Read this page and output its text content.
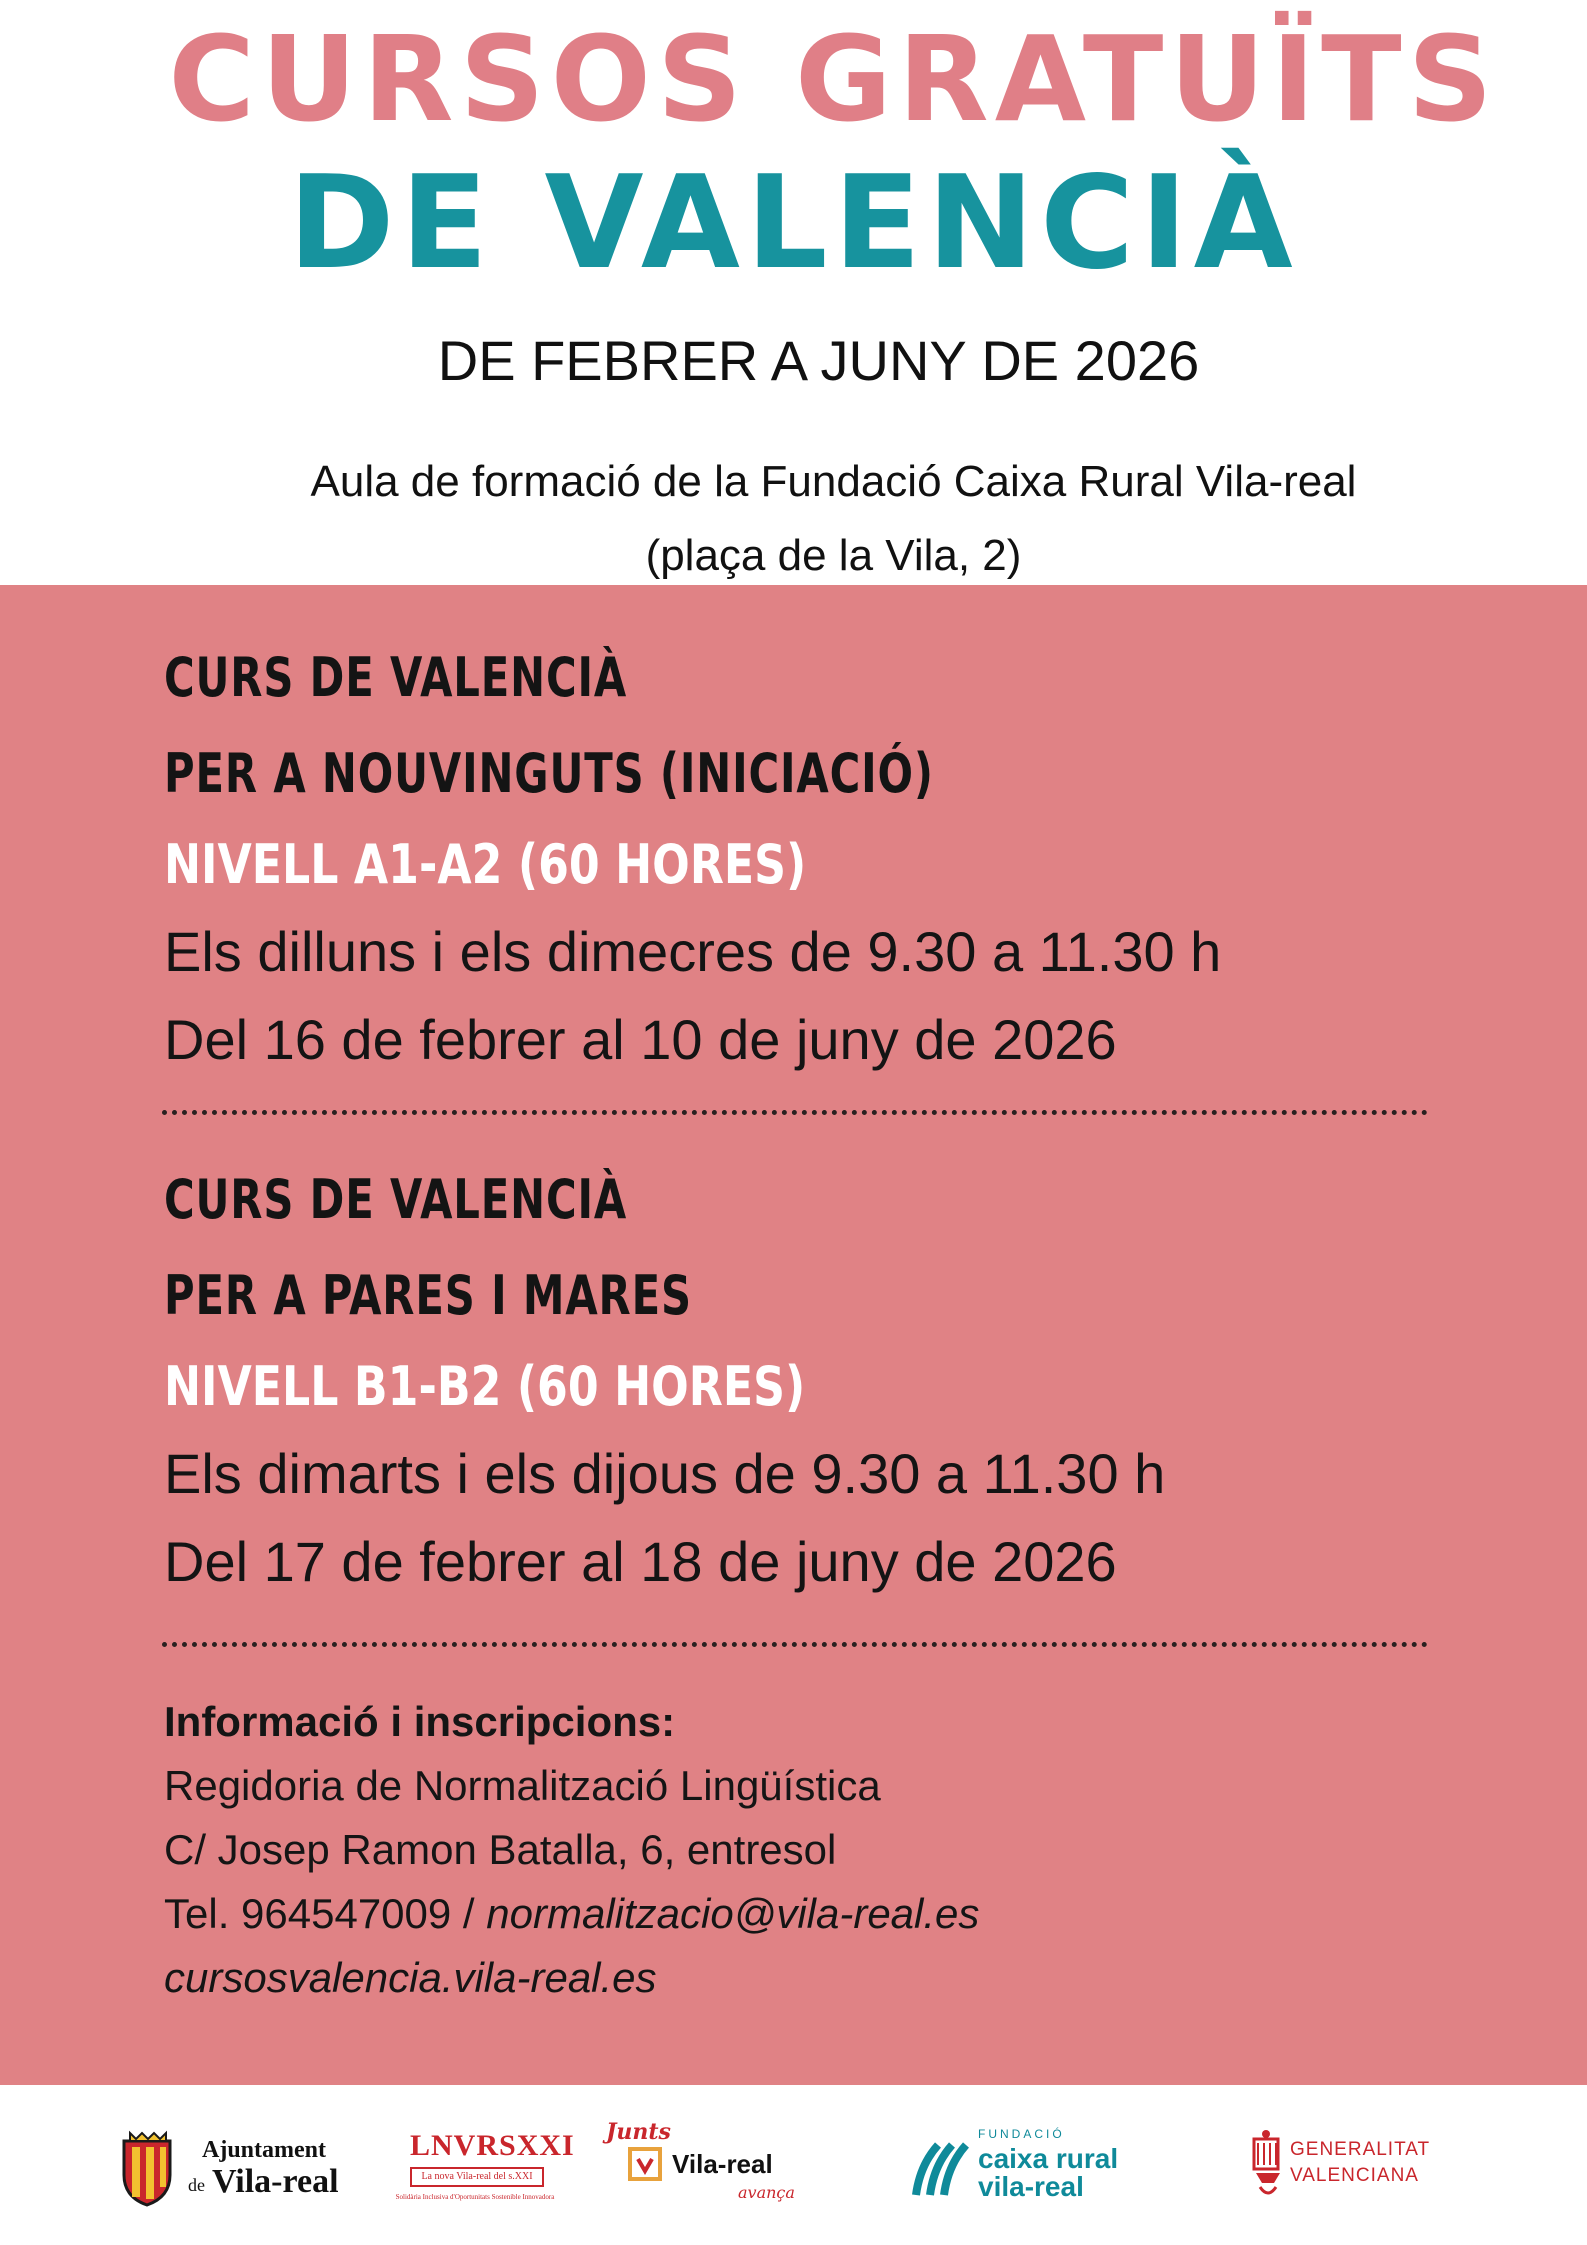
CURSOS GRATUÏTS
DE VALENCIÀ
DE FEBRER A JUNY DE 2026
Aula de formació de la Fundació Caixa Rural Vila-real
(plaça de la Vila, 2)
CURS DE VALENCIÀ
PER A NOUVINGUTS (INICIACIÓ)
NIVELL A1-A2 (60 HORES)
Els dilluns i els dimecres de 9.30 a 11.30 h
Del 16 de febrer al 10 de juny de 2026
CURS DE VALENCIÀ
PER A PARES I MARES
NIVELL B1-B2 (60 HORES)
Els dimarts i els dijous de 9.30 a 11.30 h
Del 17 de febrer al 18 de juny de 2026
Informació i inscripcions:
Regidoria de Normalització Lingüística
C/ Josep Ramon Batalla, 6, entresol
Tel. 964547009 / normalitzacio@vila-real.es
cursosvalencia.vila-real.es
Ajuntament
de Vila-real
LNVRSXXI
La nova Vila-real del s.XXI
Solidària Inclusiva d'Oportunitats Sostenible Innovadora
Junts
Vila-real
avança
FUNDACIÓ
caixa rural
vila-real
GENERALITAT
VALENCIANA
